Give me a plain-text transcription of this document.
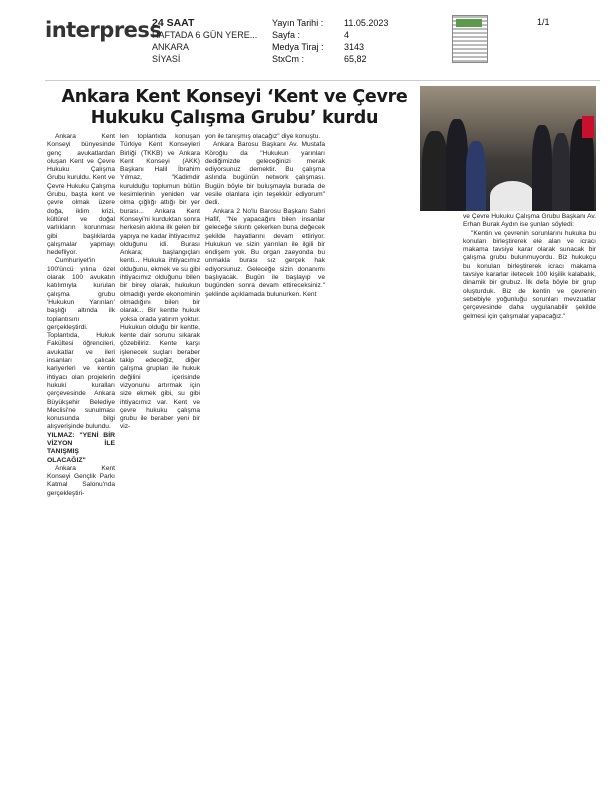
interpress
24 SAAT
HAFTADA 6 GÜN YERE...
ANKARA
SİYASİ
Yayın Tarihi :	11.05.2023
Sayfa :	4
Medya Tiraj :	3143
StxCm :	65,82
1/1
Ankara Kent Konseyi ‘Kent ve Çevre
Hukuku Çalışma Grubu’ kurdu

Ankara Kent Konseyi bünyesinde genç avukatlardan oluşan Kent ve Çevre Hukuku Çalışma Grubu kuruldu. Kent ve Çevre Hukuku Çalışma Grubu, başta kent ve çevre olmak üzere doğa, iklim krizi, kültürel ve doğal varlıkların korunması gibi başlıklarda çalışmalar yapmayı hedefliyor.

Cumhuriyet'in 100'üncü yılına özel olarak 100 avukatın katılımıyla kurulan çalışma grubu 'Hukukun Yarınları' başlığı altında ilk toplantısını gerçekleştirdi. Toplantıda, Hukuk Fakültesi öğrencileri, avukatlar ve ileri insanları çalıcak kariyerleri ve kentin ihtiyacı olan projelerin hukuki kuralları çerçevesinde Ankara Büyükşehir Belediye Meclisi'ne sunulması konusunda bilgi alışverişinde bulundu.

YILMAZ: "YENİ BİR VİZYON İLE TANIŞMIŞ OLACAĞIZ"

Ankara Kent Konseyi Gençlik Parkı Katmal Salonu'nda gerçekleştiri-

len toplantıda konuşan Türkiye Kent Konseyleri Birliği (TKKB) ve Ankara Kent Konseyi (AKK) Başkanı Halil İbrahim Yılmaz, "Kadimdir kurulduğu toplumun bütün kesimlerinin yeniden var olma çığlığı attığı bir yer burası... Ankara Kent Konseyi'ni kurduktan sonra herkesin aklına ilk gelen bir yapıya ne kadar ihtiyacımız olduğunu idi. Burası Ankara; başlangıçları kenti... Hukuka ihtiyacımız olduğunu, ekmek ve su gibi ihtiyacımız olduğunu bilen bir birey olarak, hukukun olmadığı yerde ekonominin olmadığını bilen bir olarak... Bir kentte hukuk yoksa orada yatırım yoktur. Hukukun olduğu bir kentte, kente dair sorunu sıkarak çözebiliriz. Kente karşı işlenecek suçları beraber takip edeceğiz, diğer çalışma grupları ile hukuk değilini içerisinde vizyonunu artırmak için size ekmek gibi, su gibi ihtiyacımız var. Kent ve çevre hukuku çalışma grubu ile beraber yeni bir viz-

yon ile tanışmış olacağız" diye konuştu.

Ankara Barosu Başkanı Av. Mustafa Köroğlu da "Hukukun yarınları dediğimizde geleceğinizi merak ediyorsunuz demektir. Bu çalışma aslında bugünün network çalışması. Bugün böyle bir buluşmayla burada de vesile olanlara için teşekkür ediyorum" dedi.

Ankara 2 No'lu Barosu Başkanı Sabri Hafif, "Ne yapacağını bilen insanlar geleceğe sıkıntı çekerken buna değecek şekilde hayatlarını devam ettiriyor. Hukukun ve sizin yarınları ile ilgili bir endişem yok. Bu organ zaeyonda bu unmakla burası sız gerçek hak ediyorsunuz. Geleceğe sizin donanımı başlıyacak. Bugün ile başlayıp ve bugünden sonra devam ettireceksiniz." şeklinde açıklamada bulunurken. Kent

ve Çevre Hukuku Çalışma Grubu Başkanı Av. Erhan Burak Aydın ise şunları söyledi:

"Kentin ve çevrenin sorunlarını hukuka bu konuları birleştirerek ele alan ve icracı makama tavsiye karar olarak sunacak bir çalışma grubu bulunmuyordu. Biz hukukçu bu konuları birleştirerek icracı makama tavsiye kararlar iletecek 100 kişilik kalabalık, dinamik bir grubuz. İlk defa böyle bir grup oluşturduk. Biz de kentin ve çevrenin sebebiyle yoğunluğu sorunları mevzuatlar çerçevesinde daha uygulanabilir şekilde gelmesi için çalışmalar yapacağız."
